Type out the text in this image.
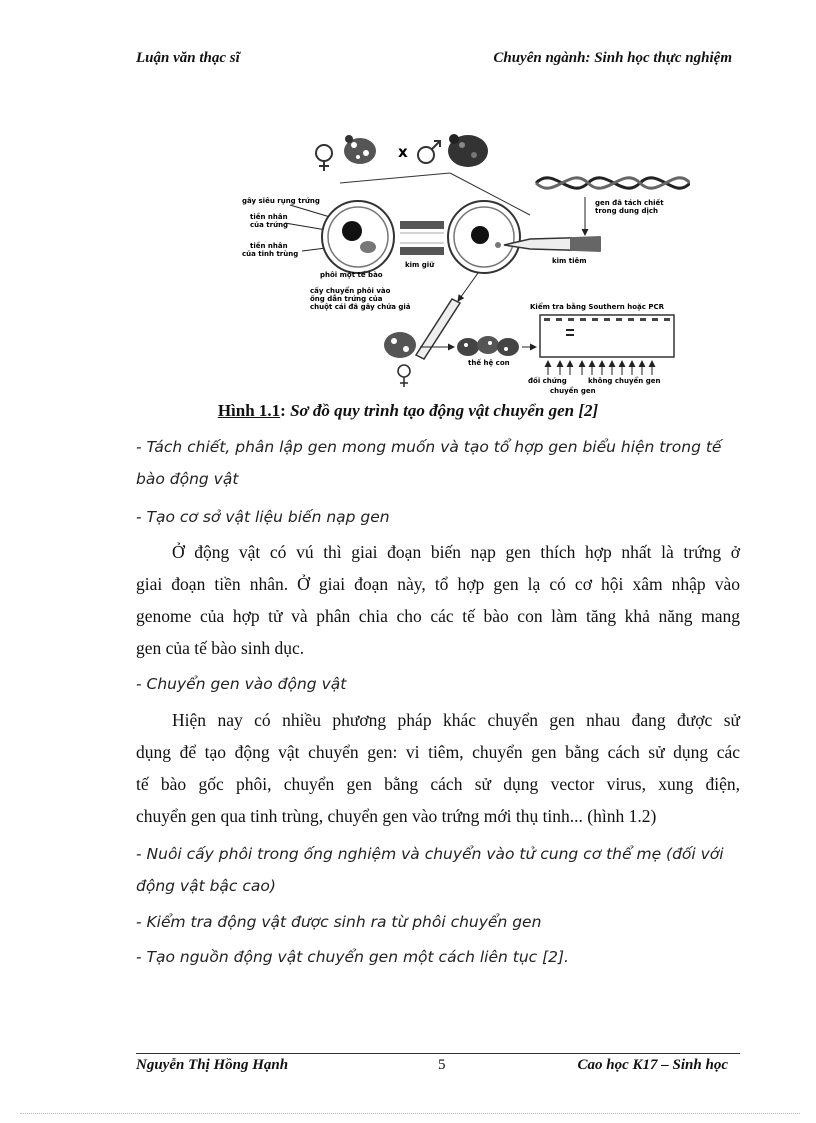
Luận văn thạc sĩ	Chuyên ngành: Sinh học thực nghiệm
x
gây siêu rụng trứng
tiền nhân
của trứng
tiền nhân
của tinh trùng
phôi một tế bào
kim giữ	kim tiêm
gen đã tách chiết
trong dung dịch
cấy chuyển phôi vào
ống dẫn trứng của
chuột cái đã gây chửa giả
thế hệ con
Kiểm tra bằng Southern hoặc PCR
đối chứng	không chuyển gen
chuyển gen
Hình 1.1: Sơ đồ quy trình tạo động vật chuyển gen [2]
- Tách chiết, phân lập gen mong muốn và tạo tổ hợp gen biểu hiện trong tế
bào động vật
- Tạo cơ sở vật liệu biến nạp gen
Ở động vật có vú thì giai đoạn biến nạp gen thích hợp nhất là trứng ở
giai đoạn tiền nhân. Ở giai đoạn này, tổ hợp gen lạ có cơ hội xâm nhập vào
genome của hợp tử và phân chia cho các tế bào con làm tăng khả năng mang
gen của tế bào sinh dục.
- Chuyển gen vào động vật
Hiện nay có nhiều phương pháp khác chuyển gen nhau đang được sử
dụng để tạo động vật chuyển gen: vi tiêm, chuyển gen bằng cách sử dụng các
tế bào gốc phôi, chuyển gen bằng cách sử dụng vector virus, xung điện,
chuyển gen qua tinh trùng, chuyển gen vào trứng mới thụ tinh... (hình 1.2)
- Nuôi cấy phôi trong ống nghiệm và chuyển vào tử cung cơ thể mẹ (đối với
động vật bậc cao)
- Kiểm tra động vật được sinh ra từ phôi chuyển gen
- Tạo nguồn động vật chuyển gen một cách liên tục [2].
Nguyễn Thị Hồng Hạnh	5	Cao học K17 – Sinh học
